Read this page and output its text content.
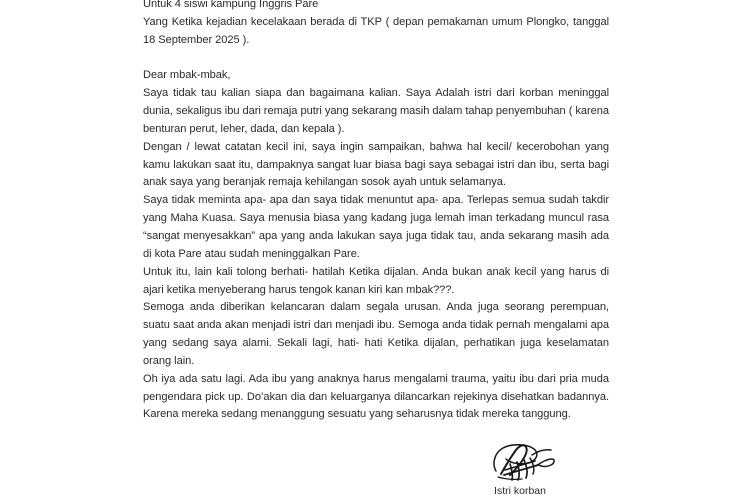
Untuk 4 siswi kampung Inggris Pare

Yang Ketika kejadian kecelakaan berada di TKP ( depan pemakaman umum Plongko, tanggal 18 September 2025 ).

Dear mbak-mbak,

Saya tidak tau kalian siapa dan bagaimana kalian. Saya Adalah istri dari korban meninggal dunia, sekaligus ibu dari remaja putri yang sekarang masih dalam tahap penyembuhan ( karena benturan perut, leher, dada, dan kepala ).

Dengan / lewat catatan kecil ini, saya ingin sampaikan, bahwa hal kecil/ kecerobohan yang kamu lakukan saat itu, dampaknya sangat luar biasa bagi saya sebagai istri dan ibu, serta bagi anak saya yang beranjak remaja kehilangan sosok ayah untuk selamanya.

Saya tidak meminta apa- apa dan saya tidak menuntut apa- apa. Terlepas semua sudah takdir yang Maha Kuasa. Saya menusia biasa yang kadang juga lemah iman terkadang muncul rasa “sangat menyesakkan” apa yang anda lakukan saya juga tidak tau, anda sekarang masih ada di kota Pare atau sudah meninggalkan Pare.

Untuk itu, lain kali tolong berhati- hatilah Ketika dijalan. Anda bukan anak kecil yang harus di ajari ketika menyeberang harus tengok kanan kiri kan mbak???.

Semoga anda diberikan kelancaran dalam segala urusan. Anda juga seorang perempuan, suatu saat anda akan menjadi istri dan menjadi ibu. Semoga anda tidak pernah mengalami apa yang sedang saya alami. Sekali lagi, hati- hati Ketika dijalan, perhatikan juga keselamatan orang lain.

Oh iya ada satu lagi. Ada ibu yang anaknya harus mengalami trauma, yaitu ibu dari pria muda pengendara pick up. Do’akan dia dan keluarganya dilancarkan rejekinya disehatkan badannya. Karena mereka sedang menanggung sesuatu yang seharusnya tidak mereka tanggung.

Istri korban
